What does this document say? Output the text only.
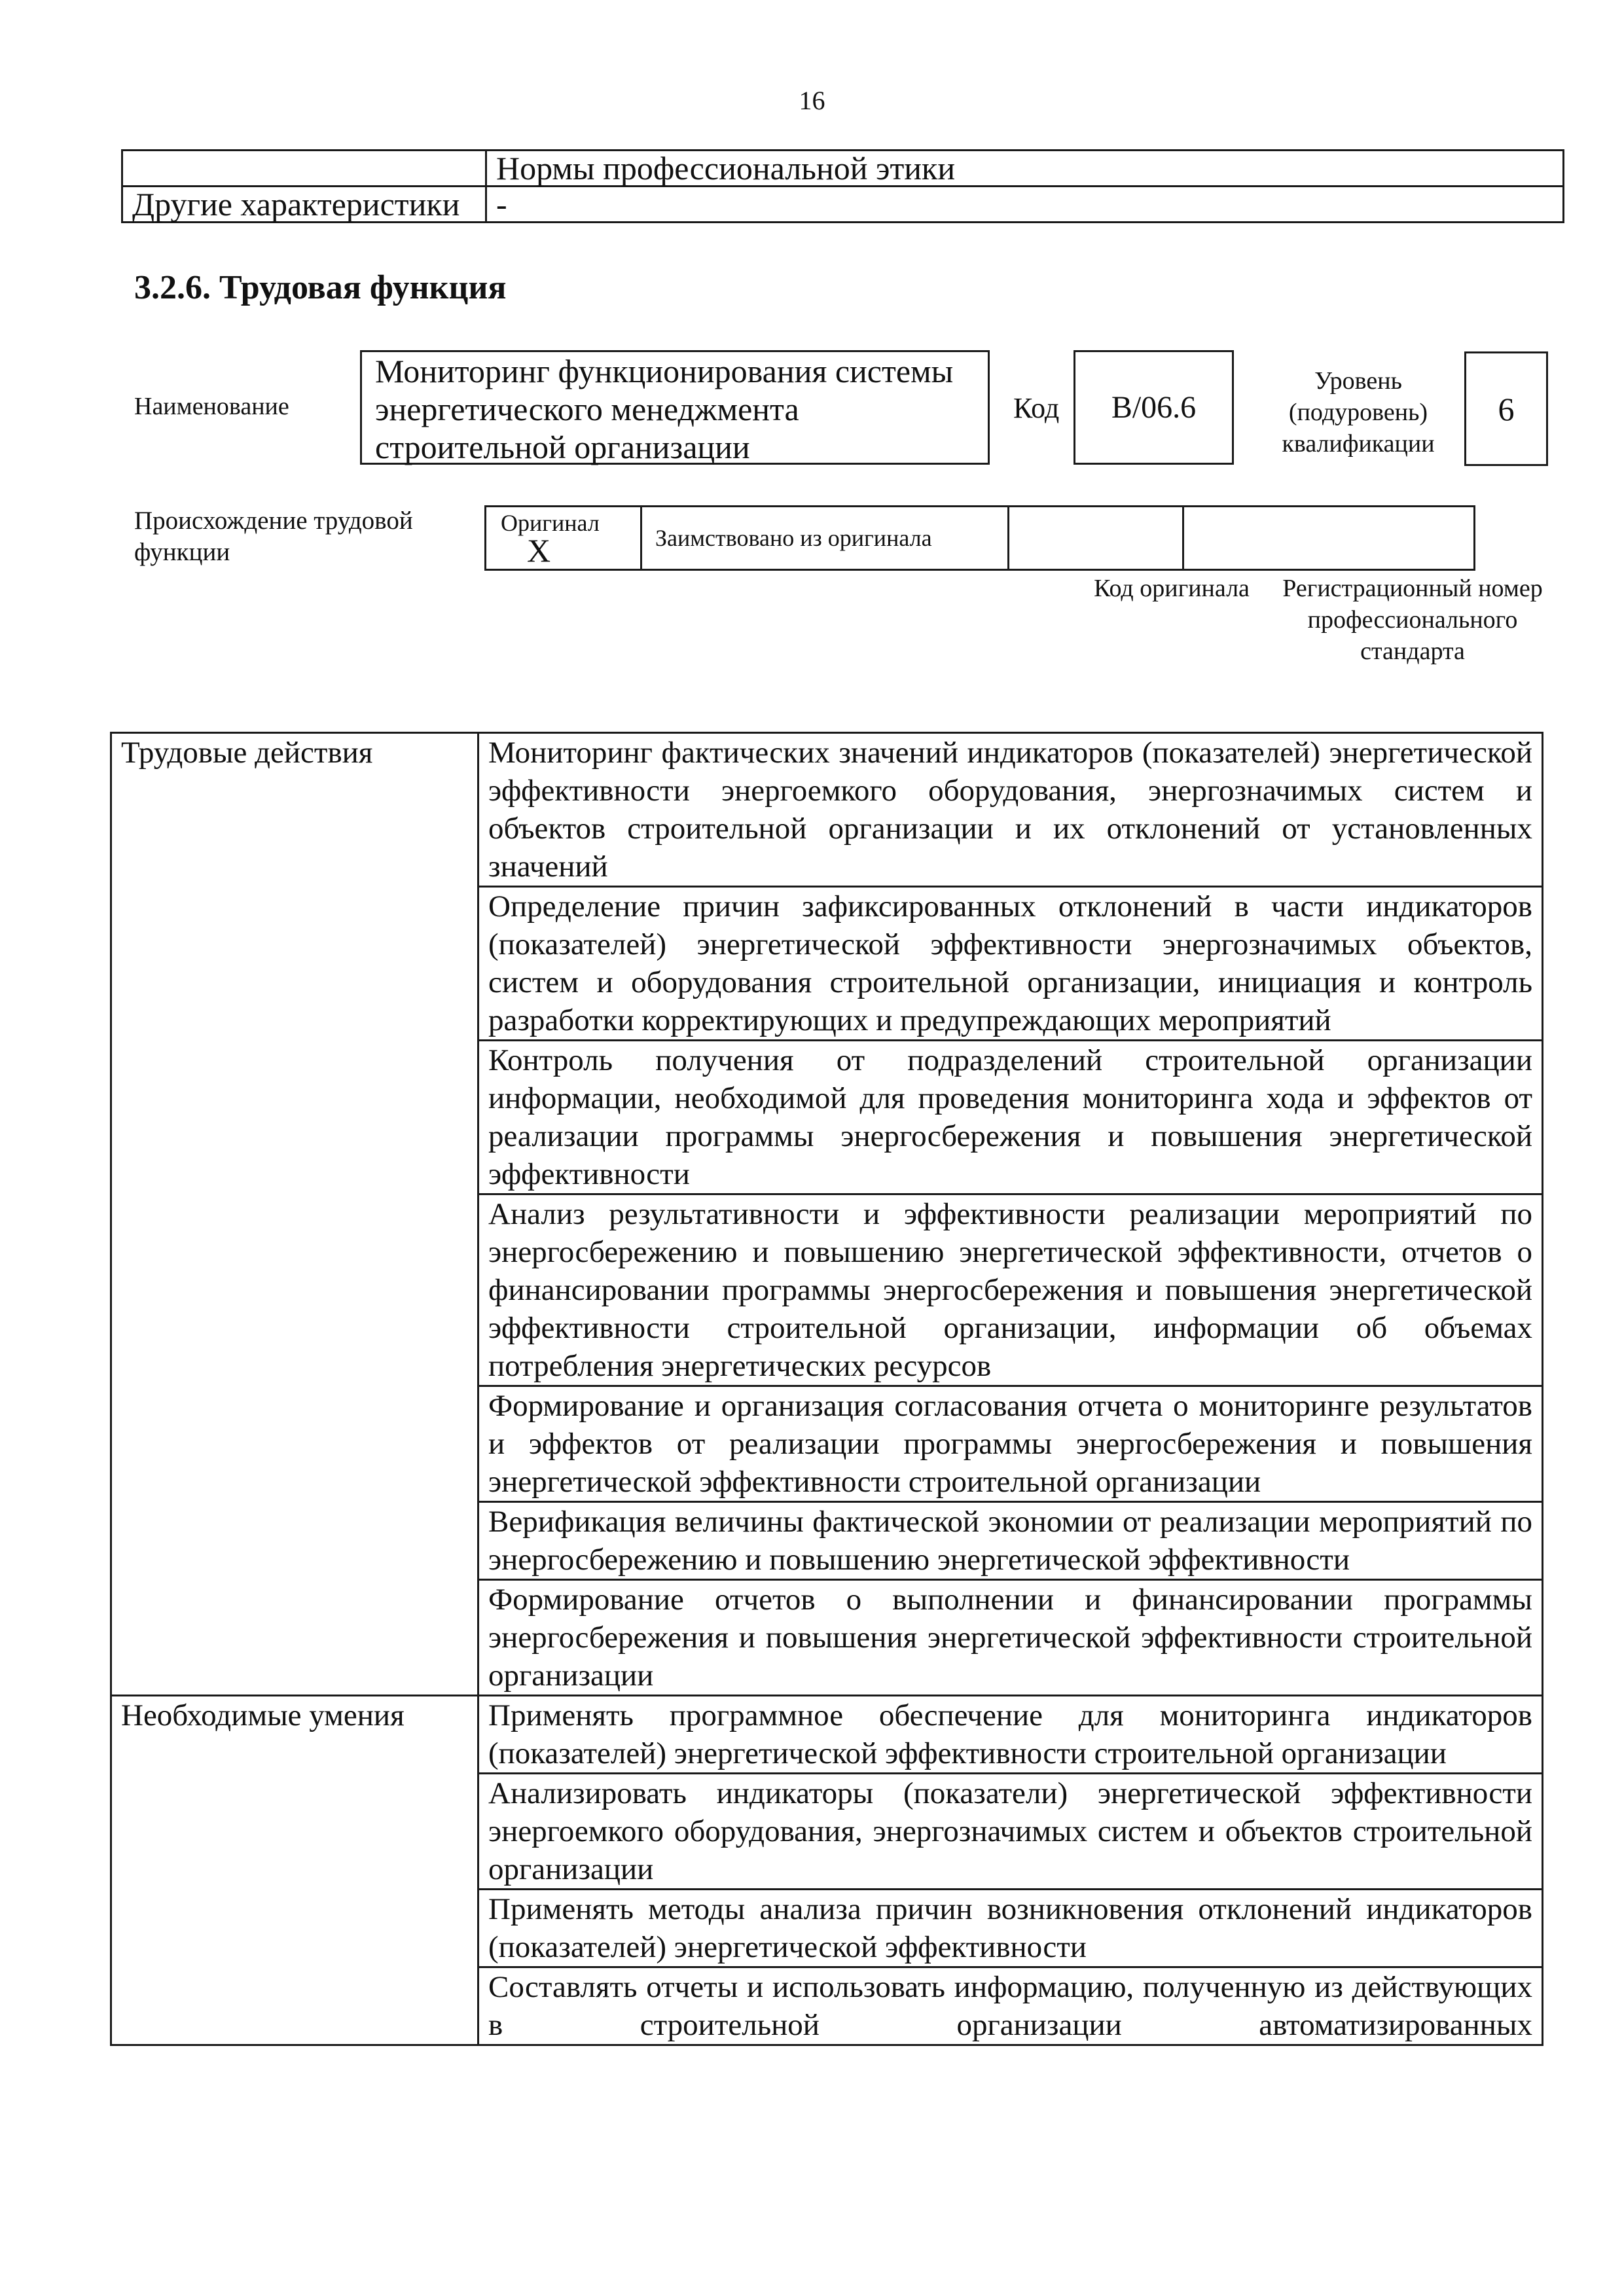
16
	Нормы профессиональной этики
Другие характеристики	-
3.2.6. Трудовая функция
Наименование
Мониторинг функционирования системы энергетического менеджмента строительной организации
Код B/06.6
Уровень (подуровень) квалификации
6
Происхождение трудовой функции
Оригинал X	Заимствовано из оригинала		
Код оригинала	Регистрационный номер профессионального стандарта
Трудовые действия	Мониторинг фактических значений индикаторов (показателей) энергетической эффективности энергоемкого оборудования, энергозначимых систем и объектов строительной организации и их отклонений от установленных значений
	Определение причин зафиксированных отклонений в части индикаторов (показателей) энергетической эффективности энергозначимых объектов, систем и оборудования строительной организации, инициация и контроль разработки корректирующих и предупреждающих мероприятий
	Контроль получения от подразделений строительной организации информации, необходимой для проведения мониторинга хода и эффектов от реализации программы энергосбережения и повышения энергетической эффективности
	Анализ результативности и эффективности реализации мероприятий по энергосбережению и повышению энергетической эффективности, отчетов о финансировании программы энергосбережения и повышения энергетической эффективности строительной организации, информации об объемах потребления энергетических ресурсов
	Формирование и организация согласования отчета о мониторинге результатов и эффектов от реализации программы энергосбережения и повышения энергетической эффективности строительной организации
	Верификация величины фактической экономии от реализации мероприятий по энергосбережению и повышению энергетической эффективности
	Формирование отчетов о выполнении и финансировании программы энергосбережения и повышения энергетической эффективности строительной организации
Необходимые умения	Применять программное обеспечение для мониторинга индикаторов (показателей) энергетической эффективности строительной организации
	Анализировать индикаторы (показатели) энергетической эффективности энергоемкого оборудования, энергозначимых систем и объектов строительной организации
	Применять методы анализа причин возникновения отклонений индикаторов (показателей) энергетической эффективности
	Составлять отчеты и использовать информацию, полученную из действующих в строительной организации автоматизированных
